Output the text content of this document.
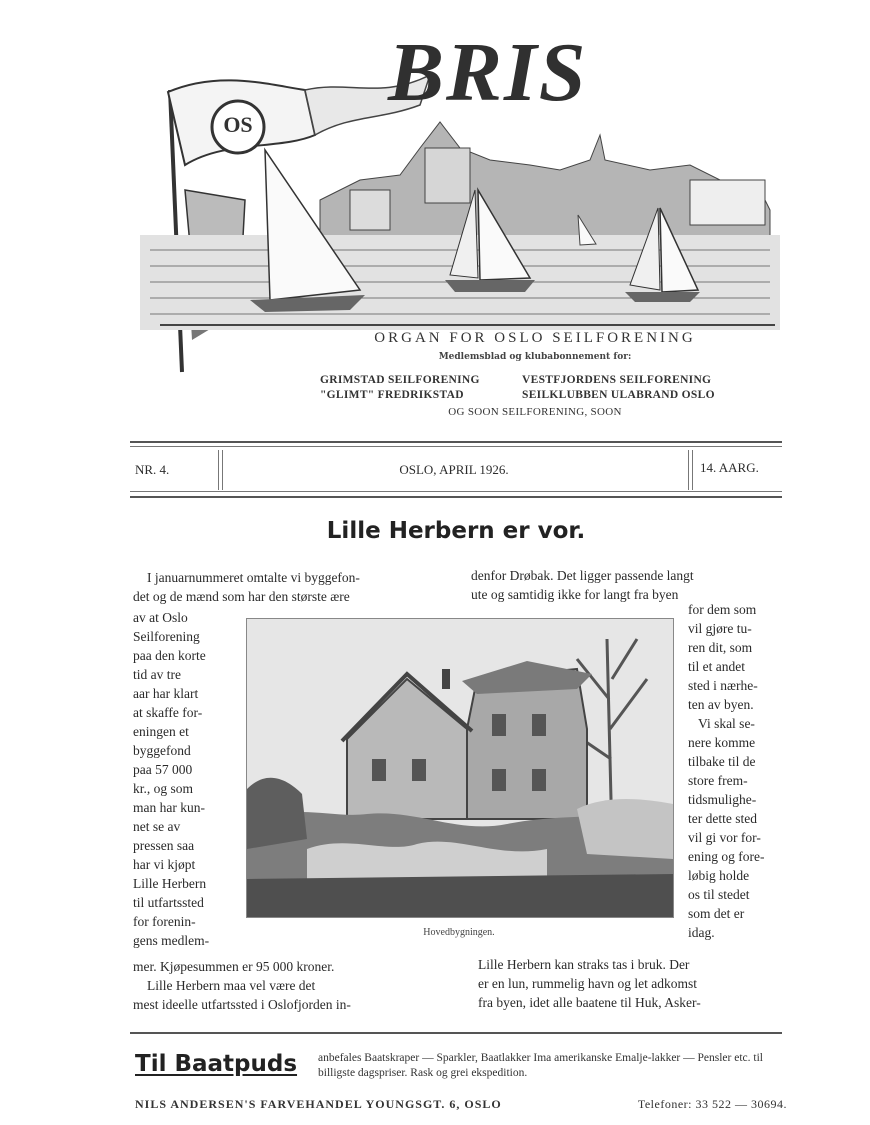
OS
BRIS
ORGAN FOR OSLO SEILFORENING
Medlemsblad og klubabonnement for:
GRIMSTAD SEILFORENING	VESTFJORDENS SEILFORENING
"GLIMT" FREDRIKSTAD	SEILKLUBBEN ULABRAND OSLO
OG SOON SEILFORENING, SOON
NR. 4.	OSLO, APRIL 1926.	14. AARG.
Lille Herbern er vor.
I januarnummeret omtalte vi byggefon-
det og de mænd som har den største ære
av at Oslo
Seilforening
paa den korte
tid av tre
aar har klart
at skaffe for-
eningen et
byggefond
paa 57 000
kr., og som
man har kun-
net se av
pressen saa
har vi kjøpt
Lille Herbern
til utfartssted
for forenin-
gens medlem-
mer. Kjøpesummen er 95 000 kroner.
Lille Herbern maa vel være det
mest ideelle utfartssted i Oslofjorden in-
denfor Drøbak. Det ligger passende langt
ute og samtidig ikke for langt fra byen
for dem som
vil gjøre tu-
ren dit, som
til et andet
sted i nærhe-
ten av byen.
Vi skal se-
nere komme
tilbake til de
store frem-
tidsmulighe-
ter dette sted
vil gi vor for-
ening og fore-
løbig holde
os til stedet
som det er
idag.
Lille Herbern kan straks tas i bruk. Der
er en lun, rummelig havn og let adkomst
fra byen, idet alle baatene til Huk, Asker-
Hovedbygningen.
Til Baatpuds anbefales Baatskraper — Sparkler, Baatlakker Ima amerikanske Emalje-lakker — Pensler etc. til billigste dagspriser. Rask og grei ekspedition.
NILS ANDERSEN'S FARVEHANDEL YOUNGSGT. 6, OSLO	Telefoner: 33 522 — 30694.
